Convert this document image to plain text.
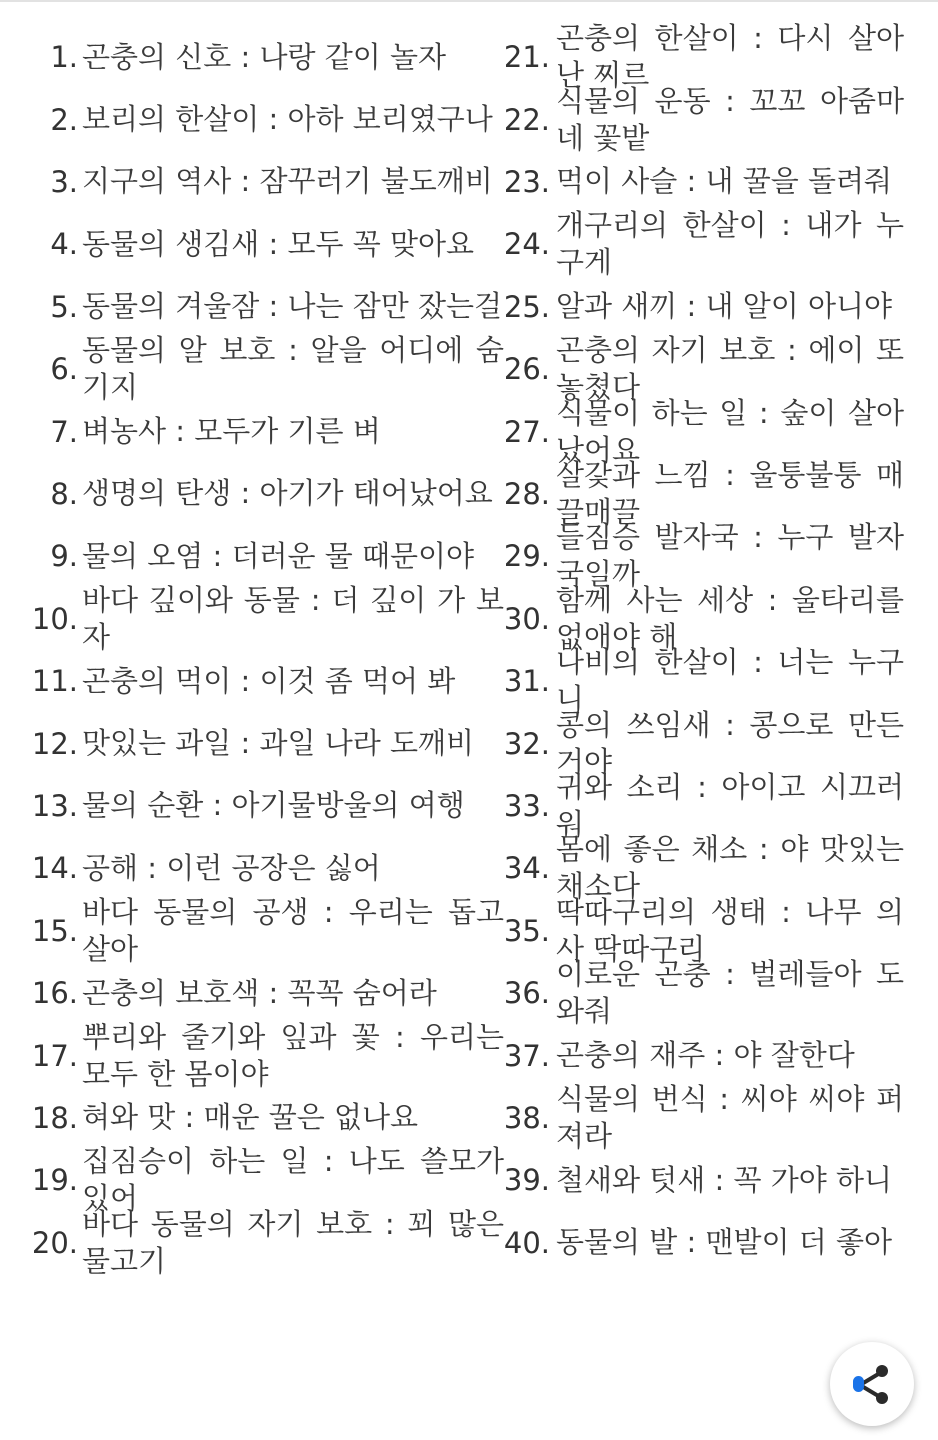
1. 곤충의 신호 : 나랑 같이 놀자
2. 보리의 한살이 : 아하 보리였구나
3. 지구의 역사 : 잠꾸러기 불도깨비
4. 동물의 생김새 : 모두 꼭 맞아요
5. 동물의 겨울잠 : 나는 잠만 잤는걸
6.
동물의 알 보호 : 알을 어디에 숨기지
7. 벼농사 : 모두가 기른 벼
8. 생명의 탄생 : 아기가 태어났어요
9. 물의 오염 : 더러운 물 때문이야
10.
바다 깊이와 동물 : 더 깊이 가 보자
11. 곤충의 먹이 : 이것 좀 먹어 봐
12. 맛있는 과일 : 과일 나라 도깨비
13. 물의 순환 : 아기물방울의 여행
14. 공해 : 이런 공장은 싫어
15.
바다 동물의 공생 : 우리는 돕고 살아
16. 곤충의 보호색 : 꼭꼭 숨어라
17.
뿌리와 줄기와 잎과 꽃 : 우리는 모두 한 몸이야
18. 혀와 맛 : 매운 꿀은 없나요
19.
집짐승이 하는 일 : 나도 쓸모가 있어
20.
바다 동물의 자기 보호 : 꾀 많은 물고기
21.
곤충의 한살이 : 다시 살아난 찌르
22.
식물의 운동 : 꼬꼬 아줌마네 꽃밭
23. 먹이 사슬 : 내 꿀을 돌려줘
24.
개구리의 한살이 : 내가 누구게
25. 알과 새끼 : 내 알이 아니야
26.
곤충의 자기 보호 : 에이 또 놓쳤다
27.
식물이 하는 일 : 숲이 살아났어요
28.
살갗과 느낌 : 울퉁불퉁 매끌매끌
29.
들짐승 발자국 : 누구 발자국일까
30.
함께 사는 세상 : 울타리를 없애야 해
31.
나비의 한살이 : 너는 누구니
32.
콩의 쓰임새 : 콩으로 만든 거야
33.
귀와 소리 : 아이고 시끄러워
34.
몸에 좋은 채소 : 야 맛있는 채소다
35.
딱따구리의 생태 : 나무 의사 딱따구리
36.
이로운 곤충 : 벌레들아 도와줘
37. 곤충의 재주 : 야 잘한다
38.
식물의 번식 : 씨야 씨야 퍼져라
39. 철새와 텃새 : 꼭 가야 하니
40. 동물의 발 : 맨발이 더 좋아
